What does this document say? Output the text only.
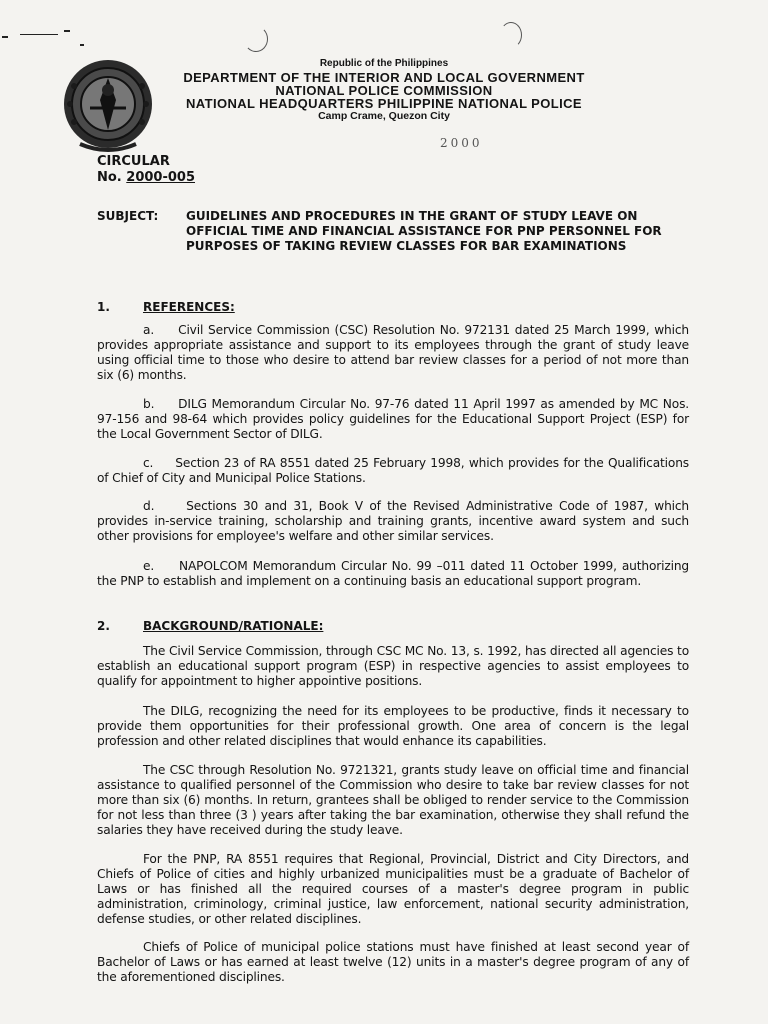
Republic of the Philippines
DEPARTMENT OF THE INTERIOR AND LOCAL GOVERNMENT
NATIONAL POLICE COMMISSION
NATIONAL HEADQUARTERS PHILIPPINE NATIONAL POLICE
Camp Crame, Quezon City
2000
CIRCULAR
No. 2000-005
SUBJECT: GUIDELINES AND PROCEDURES IN THE GRANT OF STUDY LEAVE ON OFFICIAL TIME AND FINANCIAL ASSISTANCE FOR PNP PERSONNEL FOR PURPOSES OF TAKING REVIEW CLASSES FOR BAR EXAMINATIONS
1.	REFERENCES:
a. Civil Service Commission (CSC) Resolution No. 972131 dated 25 March 1999, which provides appropriate assistance and support to its employees through the grant of study leave using official time to those who desire to attend bar review classes for a period of not more than six (6) months.
b. DILG Memorandum Circular No. 97-76 dated 11 April 1997 as amended by MC Nos. 97-156 and 98-64 which provides policy guidelines for the Educational Support Project (ESP) for the Local Government Sector of DILG.
c. Section 23 of RA 8551 dated 25 February 1998, which provides for the Qualifications of Chief of City and Municipal Police Stations.
d.	Sections 30 and 31, Book V of the Revised Administrative Code of 1987, which provides in-service training, scholarship and training grants, incentive award system and such other provisions for employee's welfare and other similar services.
e. NAPOLCOM Memorandum Circular No. 99 –011 dated 11 October 1999, authorizing the PNP to establish and implement on a continuing basis an educational support program.
2.	BACKGROUND/RATIONALE:
The Civil Service Commission, through CSC MC No. 13, s. 1992, has directed all agencies to establish an educational support program (ESP) in respective agencies to assist employees to qualify for appointment to higher appointive positions.
The DILG, recognizing the need for its employees to be productive, finds it necessary to provide them opportunities for their professional growth. One area of concern is the legal profession and other related disciplines that would enhance its capabilities.
The CSC through Resolution No. 9721321, grants study leave on official time and financial assistance to qualified personnel of the Commission who desire to take bar review classes for not more than six (6) months. In return, grantees shall be obliged to render service to the Commission for not less than three (3 ) years after taking the bar examination, otherwise they shall refund the salaries they have received during the study leave.
For the PNP, RA 8551 requires that Regional, Provincial, District and City Directors, and Chiefs of Police of cities and highly urbanized municipalities must be a graduate of Bachelor of Laws or has finished all the required courses of a master's degree program in public administration, criminology, criminal justice, law enforcement, national security administration, defense studies, or other related disciplines.
Chiefs of Police of municipal police stations must have finished at least second year of Bachelor of Laws or has earned at least twelve (12) units in a master's degree program of any of the aforementioned disciplines.
